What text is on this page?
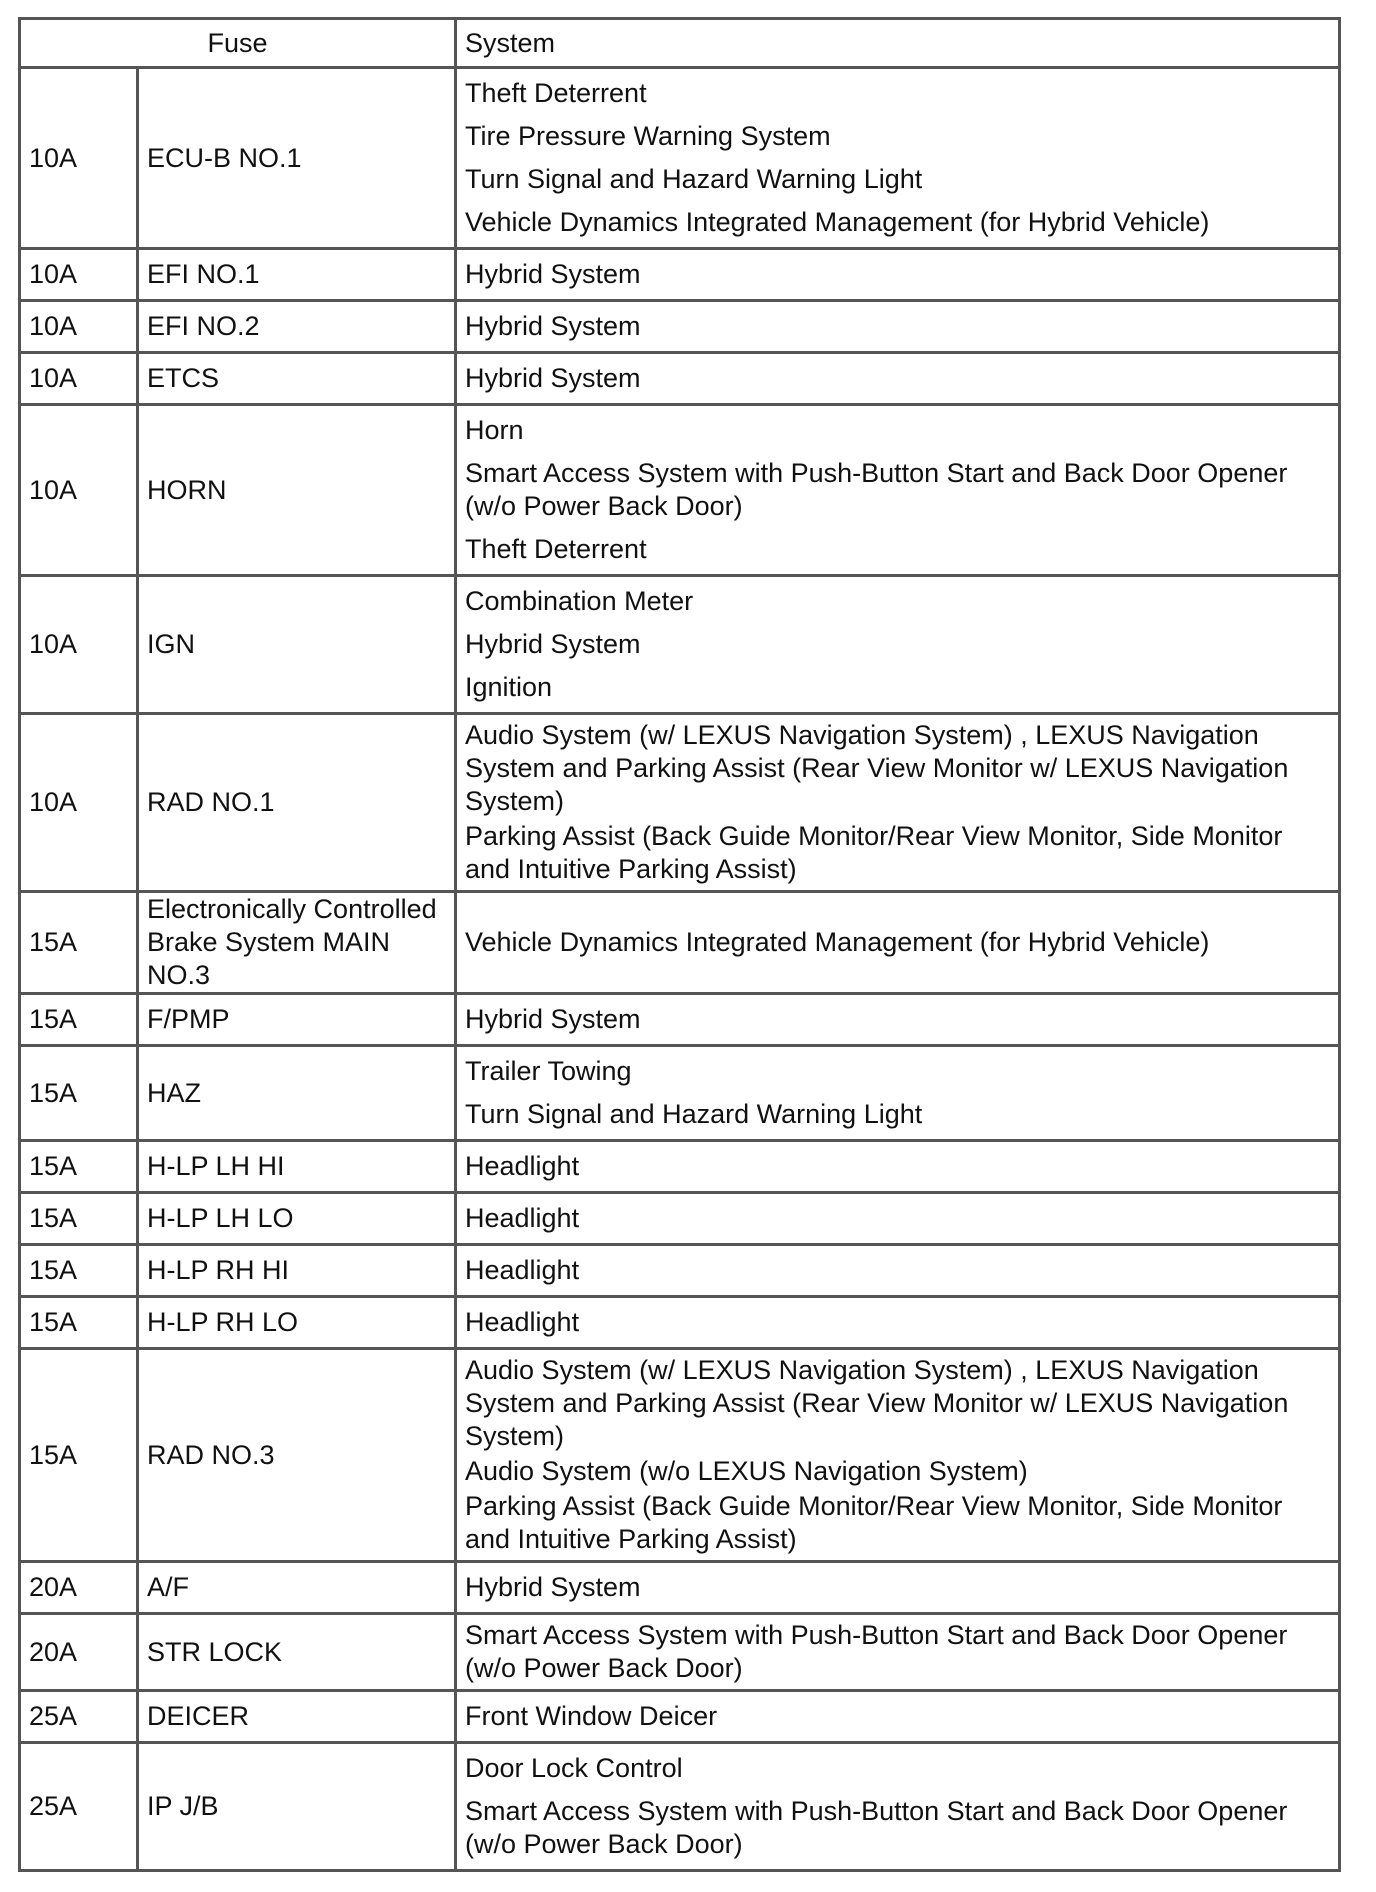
Fuse		System
10A	ECU-B NO.1	Theft Deterrent
Tire Pressure Warning System
Turn Signal and Hazard Warning Light
Vehicle Dynamics Integrated Management (for Hybrid Vehicle)

10A	EFI NO.1	Hybrid System

10A	EFI NO.2	Hybrid System

10A	ETCS	Hybrid System

10A	HORN	Horn
Smart Access System with Push-Button Start and Back Door Opener (w/o Power Back Door)
Theft Deterrent

10A	IGN	Combination Meter
Hybrid System
Ignition

10A	RAD NO.1	Audio System (w/ LEXUS Navigation System) , LEXUS Navigation System and Parking Assist (Rear View Monitor w/ LEXUS Navigation System)
Parking Assist (Back Guide Monitor/Rear View Monitor, Side Monitor and Intuitive Parking Assist)

15A	Electronically Controlled Brake System MAIN NO.3	Vehicle Dynamics Integrated Management (for Hybrid Vehicle)

15A	F/PMP	Hybrid System

15A	HAZ	Trailer Towing
Turn Signal and Hazard Warning Light

15A	H-LP LH HI	Headlight

15A	H-LP LH LO	Headlight

15A	H-LP RH HI	Headlight

15A	H-LP RH LO	Headlight

15A	RAD NO.3	Audio System (w/ LEXUS Navigation System) , LEXUS Navigation System and Parking Assist (Rear View Monitor w/ LEXUS Navigation System)
Audio System (w/o LEXUS Navigation System)
Parking Assist (Back Guide Monitor/Rear View Monitor, Side Monitor and Intuitive Parking Assist)

20A	A/F	Hybrid System

20A	STR LOCK	Smart Access System with Push-Button Start and Back Door Opener (w/o Power Back Door)

25A	DEICER	Front Window Deicer

25A	IP J/B	Door Lock Control
Smart Access System with Push-Button Start and Back Door Opener (w/o Power Back Door)
